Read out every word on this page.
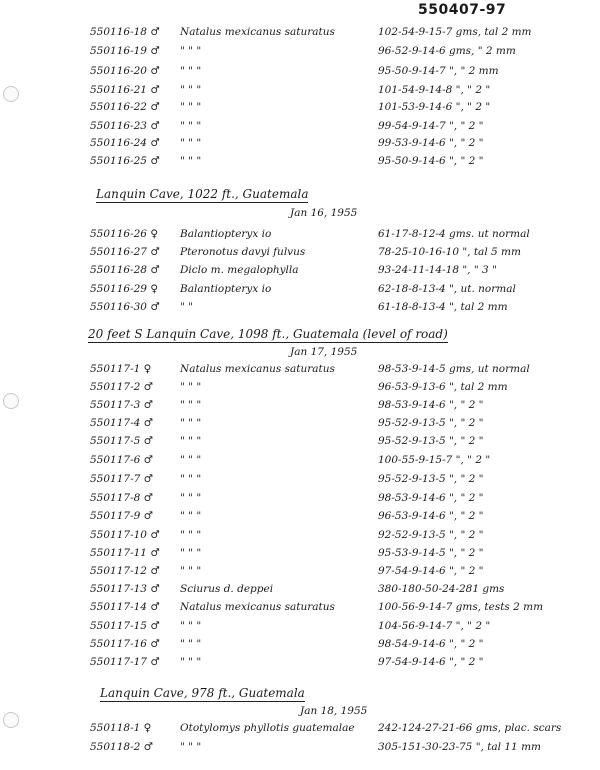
550407-97
550116-18 ♂ Natalus mexicanus saturatus	102-54-9-15-7 gms, tal 2 mm
550116-19 ♂ " " "	96-52-9-14-6 gms, " 2 mm
550116-20 ♂ " " "	95-50-9-14-7 ", " 2 mm
550116-21 ♂ " " "	101-54-9-14-8 ", " 2 "
550116-22 ♂ " " "	101-53-9-14-6 ", " 2 "
550116-23 ♂ " " "	99-54-9-14-7 ", " 2 "
550116-24 ♂ " " "	99-53-9-14-6 ", " 2 "
550116-25 ♂ " " "	95-50-9-14-6 ", " 2 "
Lanquin Cave, 1022 ft., Guatemala
Jan 16, 1955
550116-26 ♀ Balantiopteryx io	61-17-8-12-4 gms. ut normal
550116-27 ♂ Pteronotus davyi fulvus	78-25-10-16-10 ", tal 5 mm
550116-28 ♂ Diclo m. megalophylla	93-24-11-14-18 ", " 3 "
550116-29 ♀ Balantiopteryx io	62-18-8-13-4 ", ut. normal
550116-30 ♂ " "	61-18-8-13-4 ", tal 2 mm
20 feet S Lanquin Cave, 1098 ft., Guatemala (level of road)
Jan 17, 1955
550117-1 ♀	Natalus mexicanus saturatus	98-53-9-14-5 gms, ut normal
550117-2 ♂	" " "	96-53-9-13-6 ", tal 2 mm
550117-3 ♂	" " "	98-53-9-14-6 ", " 2 "
550117-4 ♂	" " "	95-52-9-13-5 ", " 2 "
550117-5 ♂	" " "	95-52-9-13-5 ", " 2 "
550117-6 ♂	" " "	100-55-9-15-7 ", " 2 "
550117-7 ♂	" " "	95-52-9-13-5 ", " 2 "
550117-8 ♂	" " "	98-53-9-14-6 ", " 2 "
550117-9 ♂	" " "	96-53-9-14-6 ", " 2 "
550117-10 ♂ " " "	92-52-9-13-5 ", " 2 "
550117-11 ♂ " " "	95-53-9-14-5 ", " 2 "
550117-12 ♂ " " "	97-54-9-14-6 ", " 2 "
550117-13 ♂ Sciurus d. deppei	380-180-50-24-281 gms
550117-14 ♂ Natalus mexicanus saturatus	100-56-9-14-7 gms, tests 2 mm
550117-15 ♂ " " "	104-56-9-14-7 ", " 2 "
550117-16 ♂ " " "	98-54-9-14-6 ", " 2 "
550117-17 ♂ " " "	97-54-9-14-6 ", " 2 "
Lanquin Cave, 978 ft., Guatemala
Jan 18, 1955
550118-1 ♀	Ototylomys phyllotis guatemalae 242-124-27-21-66 gms, plac. scars
550118-2 ♂	" " "	305-151-30-23-75 ", tal 11 mm
